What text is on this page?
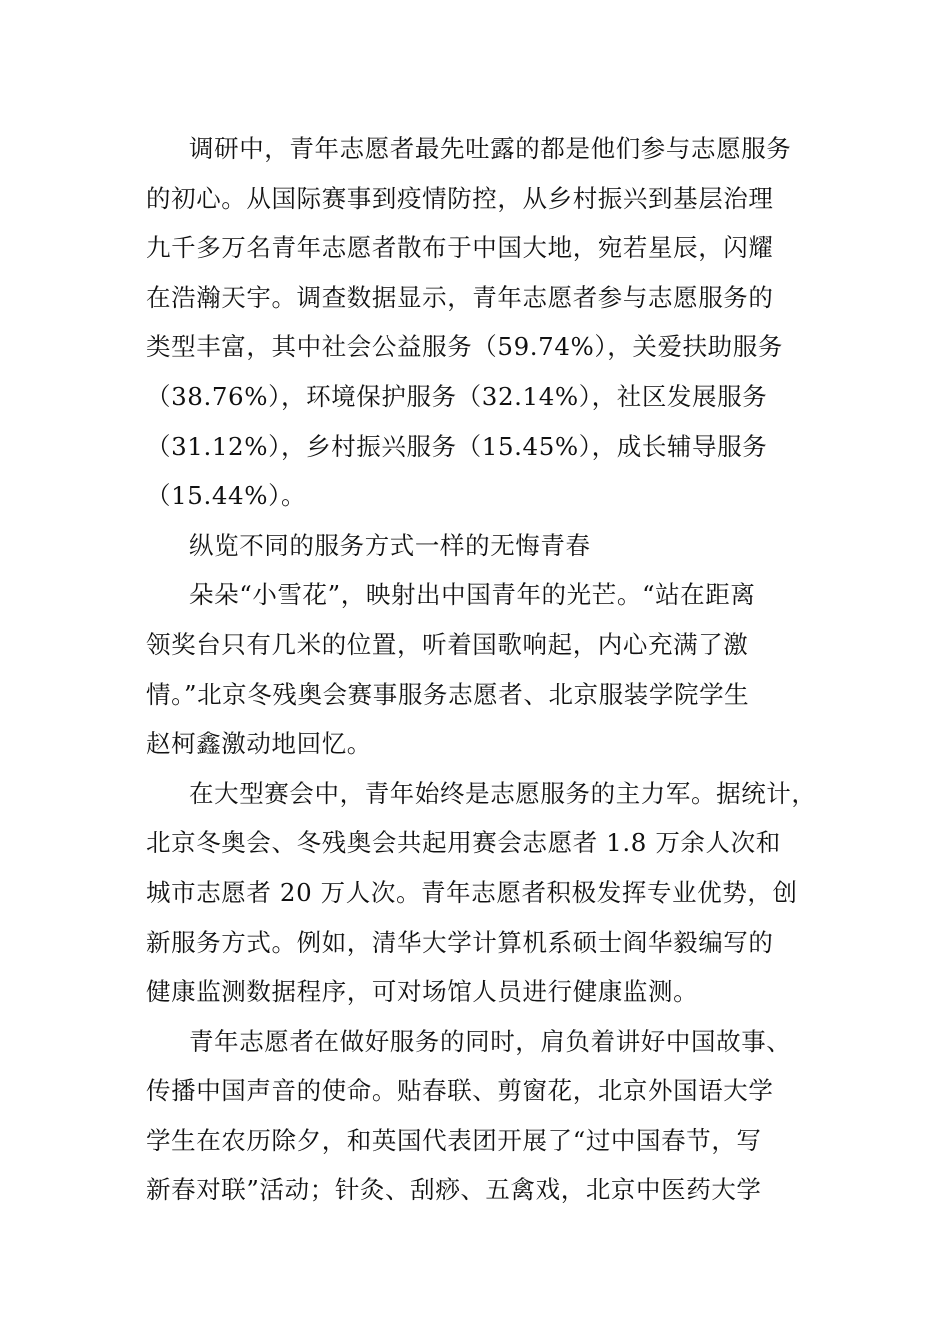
调研中，青年志愿者最先吐露的都是他们参与志愿服务
的初心。从国际赛事到疫情防控，从乡村振兴到基层治理
九千多万名青年志愿者散布于中国大地，宛若星辰，闪耀
在浩瀚天宇。调查数据显示，青年志愿者参与志愿服务的
类型丰富，其中社会公益服务（59.74%），关爱扶助服务
（38.76%），环境保护服务（32.14%），社区发展服务
（31.12%），乡村振兴服务（15.45%），成长辅导服务
（15.44%）。
纵览不同的服务方式一样的无悔青春
朵朵“小雪花”，映射出中国青年的光芒。“站在距离
领奖台只有几米的位置，听着国歌响起，内心充满了激
情。”北京冬残奥会赛事服务志愿者、北京服装学院学生
赵柯鑫激动地回忆。
在大型赛会中，青年始终是志愿服务的主力军。据统计，
北京冬奥会、冬残奥会共起用赛会志愿者 1.8 万余人次和
城市志愿者 20 万人次。青年志愿者积极发挥专业优势，创
新服务方式。例如，清华大学计算机系硕士阎华毅编写的
健康监测数据程序，可对场馆人员进行健康监测。
青年志愿者在做好服务的同时，肩负着讲好中国故事、
传播中国声音的使命。贴春联、剪窗花，北京外国语大学
学生在农历除夕，和英国代表团开展了“过中国春节，写
新春对联”活动；针灸、刮痧、五禽戏，北京中医药大学
